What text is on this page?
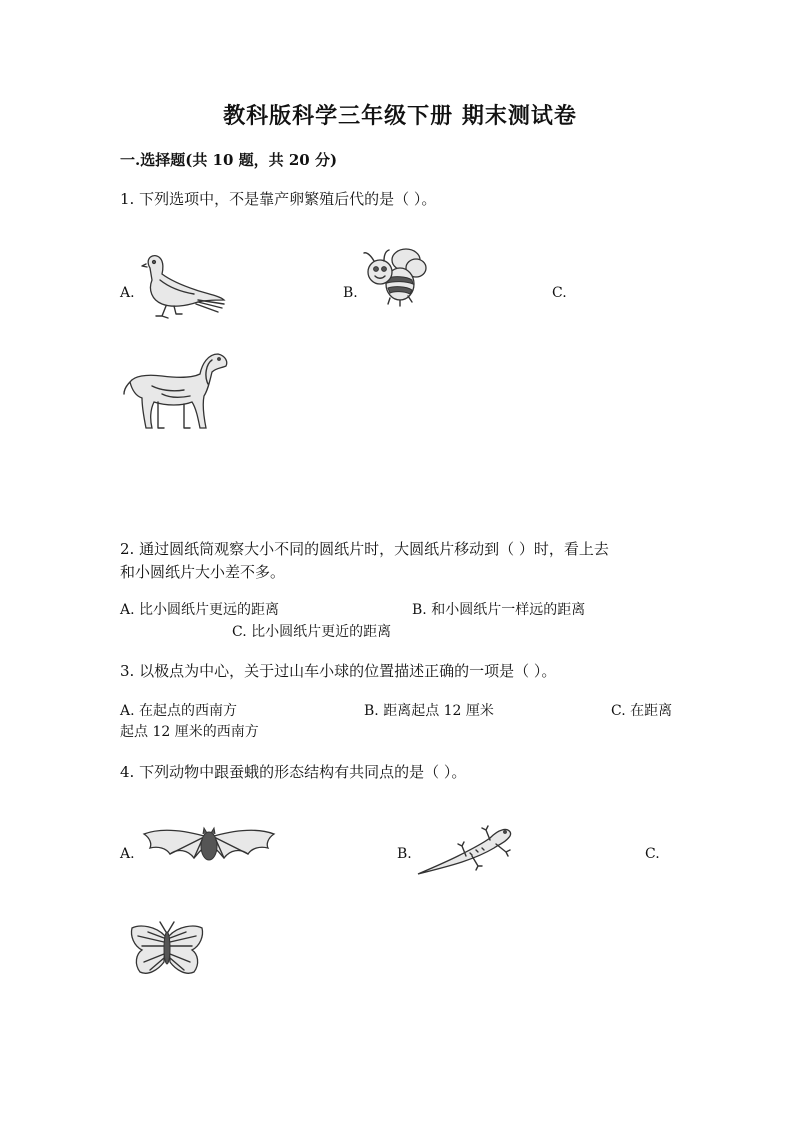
教科版科学三年级下册 期末测试卷
一.选择题(共 10 题，共 20 分)
1. 下列选项中，不是靠产卵繁殖后代的是（ ）。
A.	B.	C.
2. 通过圆纸筒观察大小不同的圆纸片时，大圆纸片移动到（ ）时，看上去
和小圆纸片大小差不多。
A. 比小圆纸片更远的距离	B. 和小圆纸片一样远的距离
C. 比小圆纸片更近的距离
3. 以极点为中心，关于过山车小球的位置描述正确的一项是（ ）。
A. 在起点的西南方	B. 距离起点 12 厘米	C. 在距离
起点 12 厘米的西南方
4. 下列动物中跟蚕蛾的形态结构有共同点的是（ ）。
A.	B.	C.
